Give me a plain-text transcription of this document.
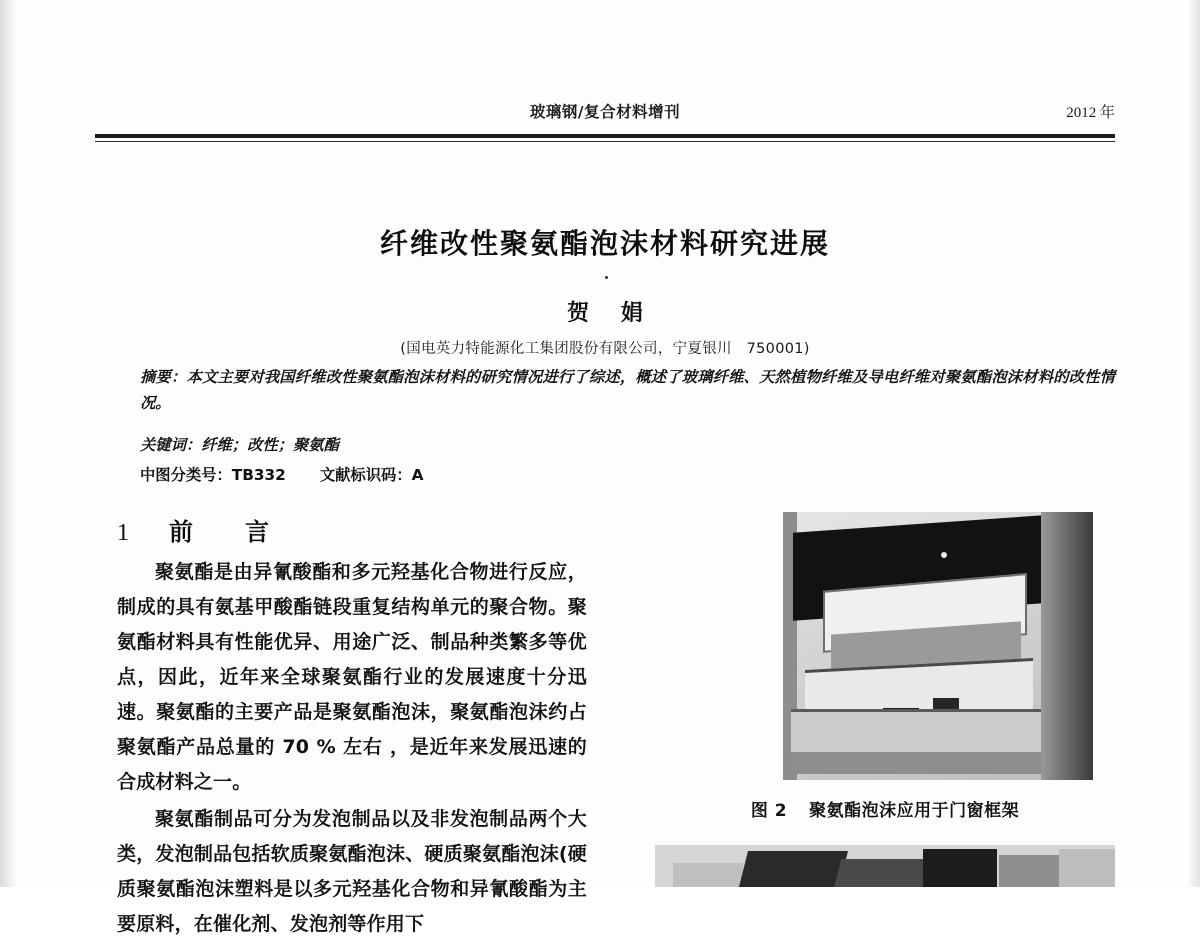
玻璃钢/复合材料增刊	2012 年
纤维改性聚氨酯泡沫材料研究进展
贺 娟
(国电英力特能源化工集团股份有限公司，宁夏银川　750001)
摘要：本文主要对我国纤维改性聚氨酯泡沫材料的研究情况进行了综述，概述了玻璃纤维、天然植物纤维及导电纤维对聚氨酯泡沫材料的改性情况。
关键词：纤维；改性；聚氨酯
中图分类号：TB332 文献标识码：A
1 前　言
聚氨酯是由异氰酸酯和多元羟基化合物进行反应，制成的具有氨基甲酸酯链段重复结构单元的聚合物。聚氨酯材料具有性能优异、用途广泛、制品种类繁多等优点，因此，近年来全球聚氨酯行业的发展速度十分迅速。聚氨酯的主要产品是聚氨酯泡沫，聚氨酯泡沫约占聚氨酯产品总量的 70 % 左右 ，是近年来发展迅速的合成材料之一。
聚氨酯制品可分为发泡制品以及非发泡制品两个大类，发泡制品包括软质聚氨酯泡沫、硬质聚氨酯泡沫(硬质聚氨酯泡沫塑料是以多元羟基化合物和异氰酸酯为主要原料，在催化剂、发泡剂等作用下
图 2 聚氨酯泡沫应用于门窗框架
